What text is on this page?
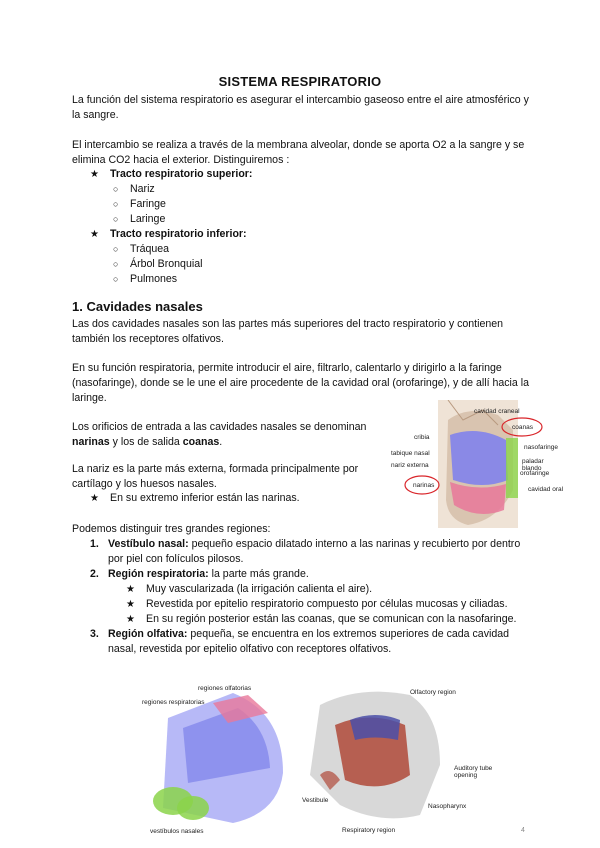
SISTEMA RESPIRATORIO
La función del sistema respiratorio es asegurar el intercambio gaseoso entre el aire atmosférico y la sangre.
El intercambio se realiza a través de la membrana alveolar, donde se aporta O2 a la sangre y se elimina CO2 hacia el exterior. Distinguiremos :
★ Tracto respiratorio superior:
○ Nariz
○ Faringe
○ Laringe
★ Tracto respiratorio inferior:
○ Tráquea
○ Árbol Bronquial
○ Pulmones
1. Cavidades nasales
Las dos cavidades nasales son las partes más superiores del tracto respiratorio y contienen también los receptores olfativos.
En su función respiratoria, permite introducir el aire, filtrarlo, calentarlo y dirigirlo a la faringe (nasofaringe), donde se le une el aire procedente de la cavidad oral (orofaringe), y de allí hacia la laringe.
Los orificios de entrada a las cavidades nasales se denominan narinas y los de salida coanas.
La nariz es la parte más externa, formada principalmente por cartílago y los huesos nasales.
★ En su extremo inferior están las narinas.
Podemos distinguir tres grandes regiones:
1. Vestíbulo nasal: pequeño espacio dilatado interno a las narinas y recubierto por dentro por piel con folículos pilosos.
2. Región respiratoria: la parte más grande.
★ Muy vascularizada (la irrigación calienta el aire).
★ Revestida por epitelio respiratorio compuesto por células mucosas y ciliadas.
★ En su región posterior están las coanas, que se comunican con la nasofaringe.
3. Región olfativa: pequeña, se encuentra en los extremos superiores de cada cavidad nasal, revestida por epitelio olfativo con receptores olfativos.
cavidad craneal
coanas
cribia
tabique nasal
nariz externa
nasofaringe
paladar blando
orofaringe
narinas
cavidad oral
regiones olfatorias
regiones respiratorias
vestíbulos nasales
Olfactory region
Auditory tube opening
Vestibule
Nasopharynx
Respiratory region	4
